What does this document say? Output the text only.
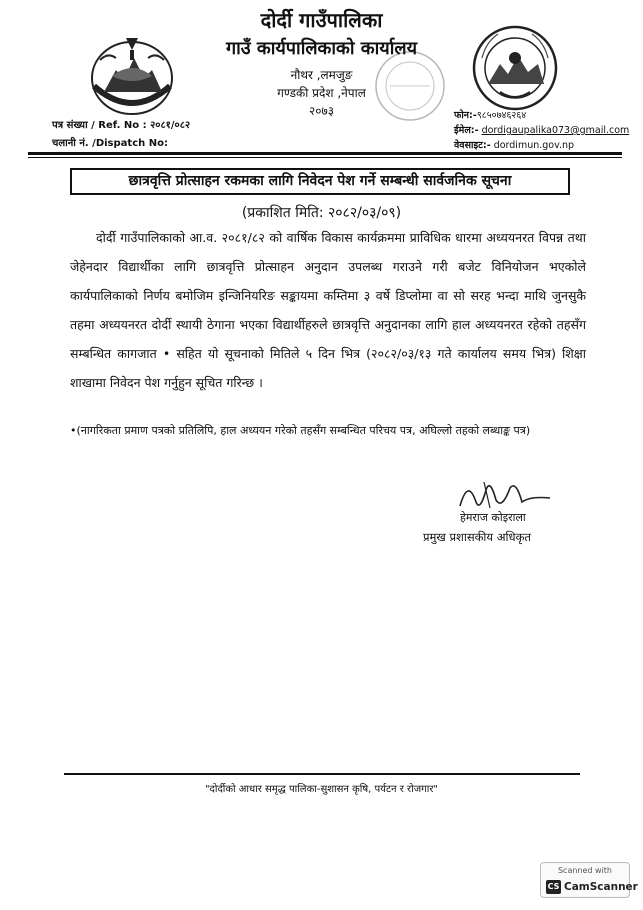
दोर्दी गाउँपालिका
गाउँ कार्यपालिकाको कार्यालय
नौथर ,लमजुङ
गण्डकी प्रदेश ,नेपाल
२०७३
पत्र संख्या / Ref. No : २०८१/०८२
चलानी नं. /Dispatch No:
फोन:-९८५०७४६२६४
ईमेल:- dordigaupalika073@gmail.com
वेवसाइट:- dordimun.gov.np
छात्रवृत्ति प्रोत्साहन रकमका लागि निवेदन पेश गर्ने सम्बन्धी सार्वजनिक सूचना
(प्रकाशित मिति: २०८२/०३/०९)

दोर्दी गाउँपालिकाको आ.व. २०८१/८२ को वार्षिक विकास कार्यक्रममा प्राविधिक धारमा अध्ययनरत विपन्न तथा जेहेनदार विद्यार्थीका लागि छात्रवृत्ति प्रोत्साहन अनुदान उपलब्ध गराउने गरी बजेट विनियोजन भएकोले कार्यपालिकाको निर्णय बमोजिम इन्जिनियरिङ सङ्कायमा कम्तिमा ३ वर्षे डिप्लोमा वा सो सरह भन्दा माथि जुनसुकै तहमा अध्ययनरत दोर्दी स्थायी ठेगाना भएका विद्यार्थीहरुले छात्रवृत्ति अनुदानका लागि हाल अध्ययनरत रहेको तहसँग सम्बन्धित कागजात • सहित यो सूचनाको मितिले ५ दिन भित्र (२०८२/०३/१३ गते कार्यालय समय भित्र) शिक्षा शाखामा निवेदन पेश गर्नुहुन सूचित गरिन्छ ।

•(नागरिकता प्रमाण पत्रको प्रतिलिपि, हाल अध्ययन गरेको तहसँग सम्बन्धित परिचय पत्र, अघिल्लो तहको लब्धाङ्क पत्र)
हेमराज कोइराला
प्रमुख प्रशासकीय अधिकृत
"दोर्दीको आधार समृद्ध पालिका-सुशासन कृषि, पर्यटन र रोजगार"
Scanned with
CS CamScanner
